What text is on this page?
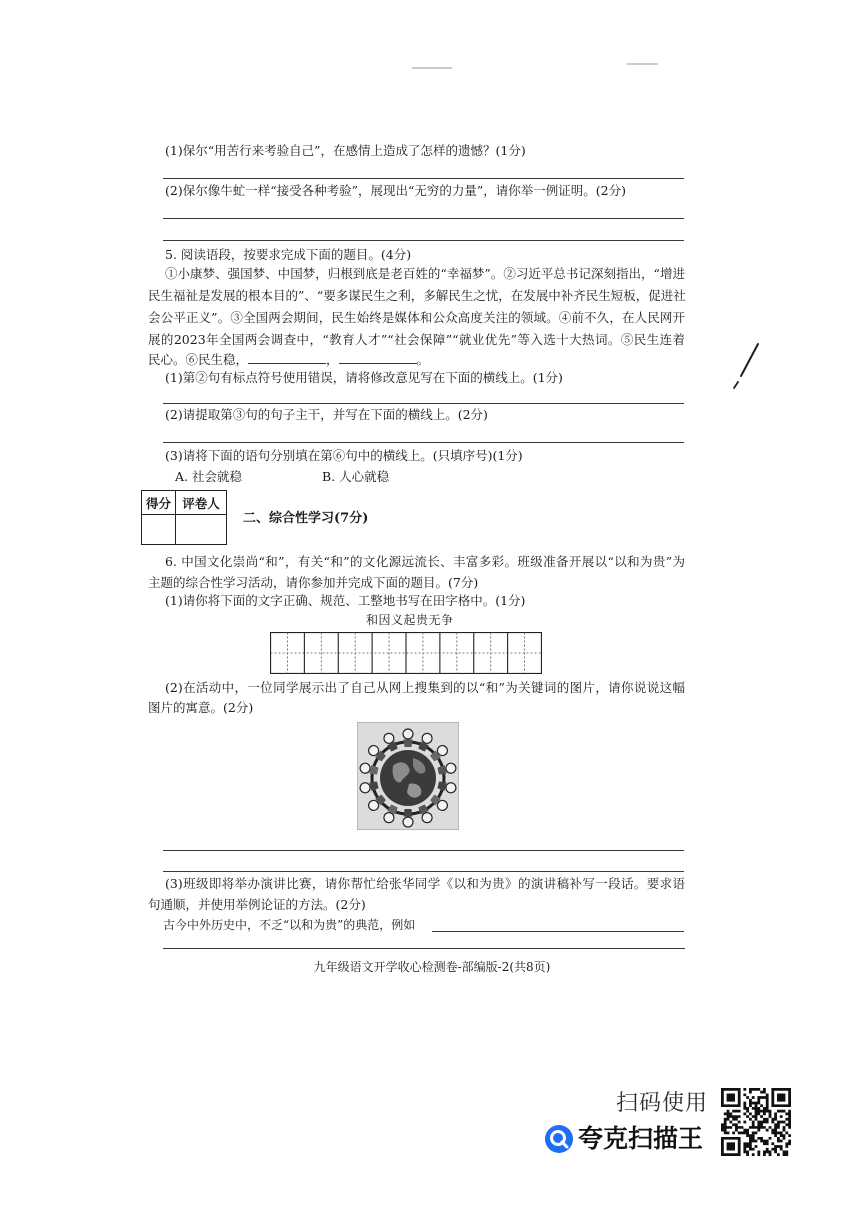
(1)保尔“用苦行来考验自己”，在感情上造成了怎样的遗憾？(1分)
(2)保尔像牛虻一样“接受各种考验”，展现出“无穷的力量”，请你举一例证明。(2分)
5. 阅读语段，按要求完成下面的题目。(4分)
①小康梦、强国梦、中国梦，归根到底是老百姓的“幸福梦”。②习近平总书记深刻指出，“增进
民生福祉是发展的根本目的”、“要多谋民生之利，多解民生之忧，在发展中补齐民生短板，促进社
会公平正义”。③全国两会期间，民生始终是媒体和公众高度关注的领域。④前不久，在人民网开
展的2023年全国两会调查中，“教育人才”“社会保障”“就业优先”等入选十大热词。⑤民生连着
民心。⑥民生稳，	，	。
(1)第②句有标点符号使用错误，请将修改意见写在下面的横线上。(1分)
(2)请提取第③句的句子主干，并写在下面的横线上。(2分)
(3)请将下面的语句分别填在第⑥句中的横线上。(只填序号)(1分)
A. 社会就稳	B. 人心就稳
得分	评卷人

二、综合性学习(7分)
6. 中国文化崇尚“和”，有关“和”的文化源远流长、丰富多彩。班级准备开展以“以和为贵”为
主题的综合性学习活动，请你参加并完成下面的题目。(7分)
(1)请你将下面的文字正确、规范、工整地书写在田字格中。(1分)
和因义起贵无争
(2)在活动中，一位同学展示出了自己从网上搜集到的以“和”为关键词的图片，请你说说这幅
图片的寓意。(2分)
(3)班级即将举办演讲比赛，请你帮忙给张华同学《以和为贵》的演讲稿补写一段话。要求语
句通顺，并使用举例论证的方法。(2分)
古今中外历史中，不乏“以和为贵”的典范，例如
九年级语文开学收心检测卷-部编版-2(共8页)
扫码使用
夸克扫描王
